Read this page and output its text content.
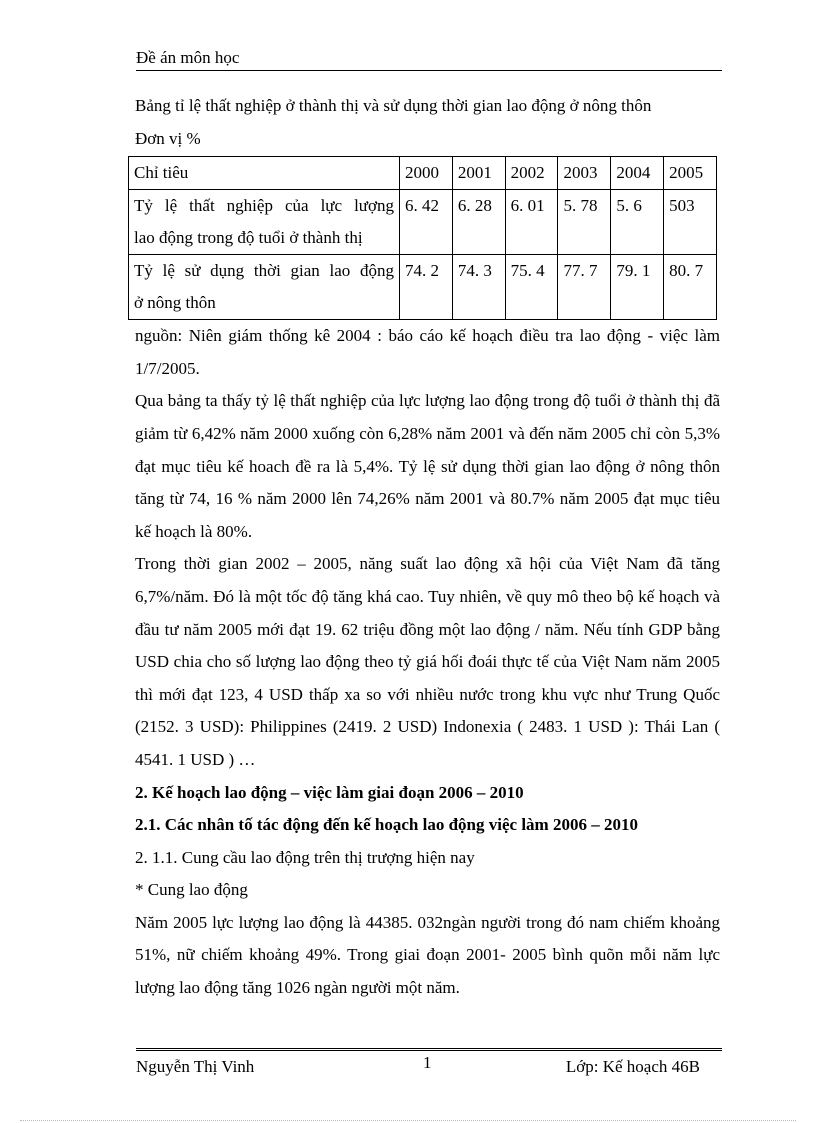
Đề án môn học

Bảng tỉ lệ thất nghiệp ở thành thị và sử dụng thời gian lao động ở nông thôn

Đơn vị %

Chỉ tiêu	2000	2001	2002	2003	2004	2005

Tỷ lệ thất nghiệp của lực lượng
lao động trong độ tuổi ở thành thị	6. 42	6. 28	6. 01	5. 78	5. 6	503

Tỷ lệ sử dụng thời gian lao động
ở nông thôn	74. 2	74. 3	75. 4	77. 7	79. 1	80. 7

nguồn: Niên giám thống kê 2004 : báo cáo kế hoạch điều tra lao động - việc làm 1/7/2005.

Qua bảng ta thấy tỷ lệ thất nghiệp của lực lượng lao động trong độ tuổi ở thành thị đã giảm từ 6,42% năm 2000 xuống còn 6,28% năm 2001 và đến năm 2005 chỉ còn 5,3% đạt mục tiêu kế hoach đề ra là 5,4%. Tỷ lệ sử dụng thời gian lao động ở nông thôn tăng từ 74, 16 % năm 2000 lên 74,26% năm 2001 và 80.7% năm 2005 đạt mục tiêu kế hoạch là 80%.

Trong thời gian 2002 – 2005, năng suất lao động xã hội của Việt Nam đã tăng 6,7%/năm. Đó là một tốc độ tăng khá cao. Tuy nhiên, về quy mô theo bộ kế hoạch và đầu tư năm 2005 mới đạt 19. 62 triệu đồng một lao động / năm. Nếu tính GDP bằng USD chia cho số lượng lao động theo tỷ giá hối đoái thực tế của Việt Nam năm 2005 thì mới đạt 123, 4 USD thấp xa so với nhiều nước trong khu vực như Trung Quốc (2152. 3 USD): Philippines (2419. 2 USD) Indonexia ( 2483. 1 USD ): Thái Lan ( 4541. 1 USD ) …

2. Kế hoạch lao động – việc làm giai đoạn 2006 – 2010

2.1. Các nhân tố tác động đến kế hoạch lao động việc làm 2006 – 2010

2. 1.1. Cung cầu lao động trên thị trượng hiện nay

* Cung lao động

Năm 2005 lực lượng lao động là 44385. 032ngàn người trong đó nam chiếm khoảng 51%, nữ chiếm khoảng 49%. Trong giai đoạn 2001- 2005 bình quõn mỗi năm lực lượng lao động tăng 1026 ngàn người một năm.

Nguyễn Thị Vinh	1	Lớp: Kế hoạch 46B
